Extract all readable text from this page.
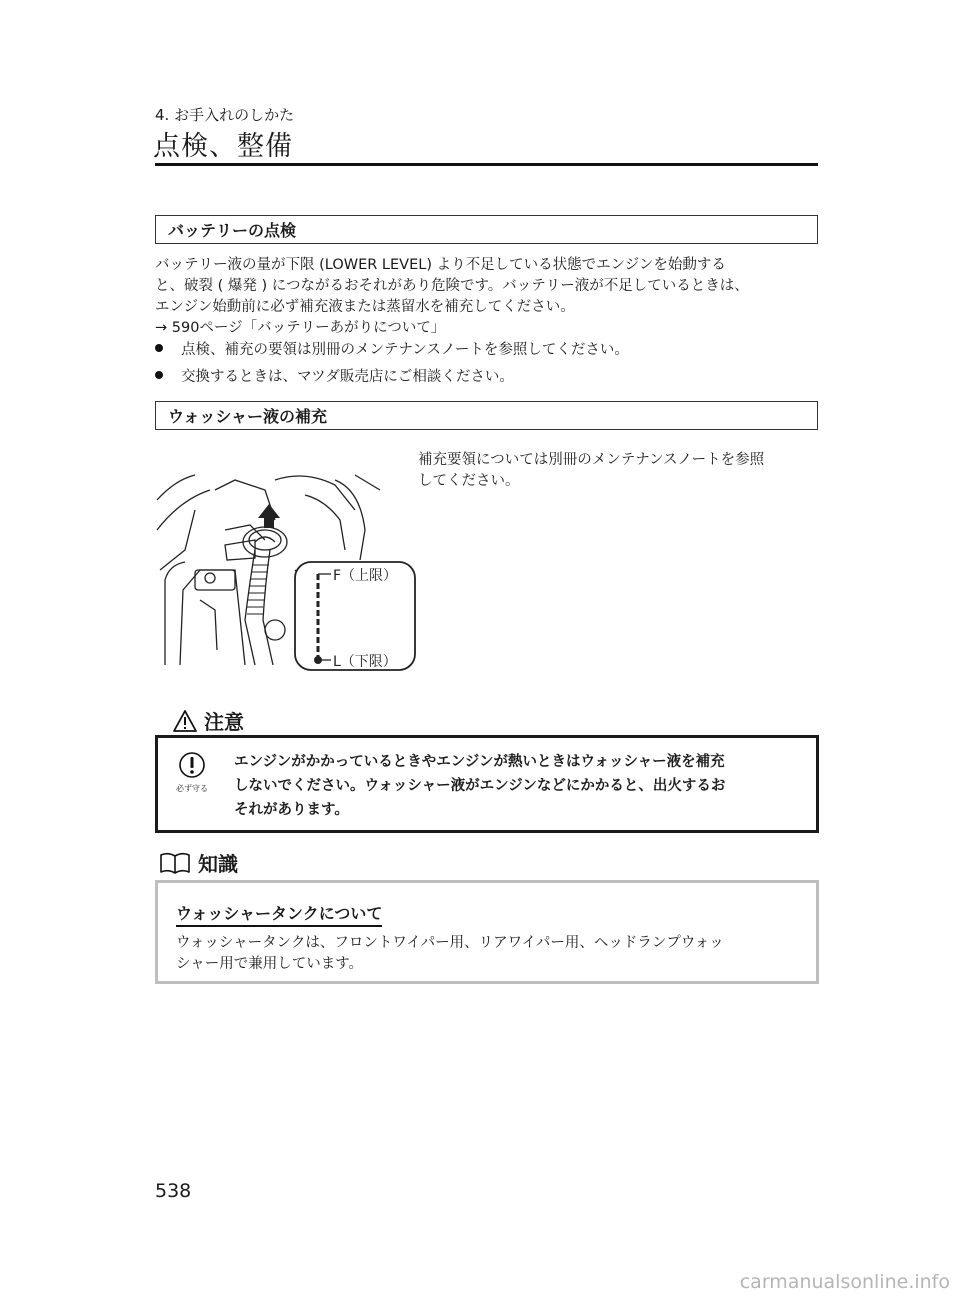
4. お手入れのしかた
点検、整備
バッテリーの点検
バッテリー液の量が下限 (LOWER LEVEL) より不足している状態でエンジンを始動する
と、破裂 ( 爆発 ) につながるおそれがあり危険です。バッテリー液が不足しているときは、
エンジン始動前に必ず補充液または蒸留水を補充してください。
→ 590ページ「バッテリーあがりについて」
点検、補充の要領は別冊のメンテナンスノートを参照してください。
交換するときは、マツダ販売店にご相談ください。
ウォッシャー液の補充
補充要領については別冊のメンテナンスノートを参照
してください。
F（上限）
L（下限）
注意
必ず守る
エンジンがかかっているときやエンジンが熱いときはウォッシャー液を補充
しないでください。ウォッシャー液がエンジンなどにかかると、出火するお
それがあります。
知識
ウォッシャータンクについて
ウォッシャータンクは、フロントワイパー用、リアワイパー用、ヘッドランプウォッ
シャー用で兼用しています。
538
carmanualsonline.info
